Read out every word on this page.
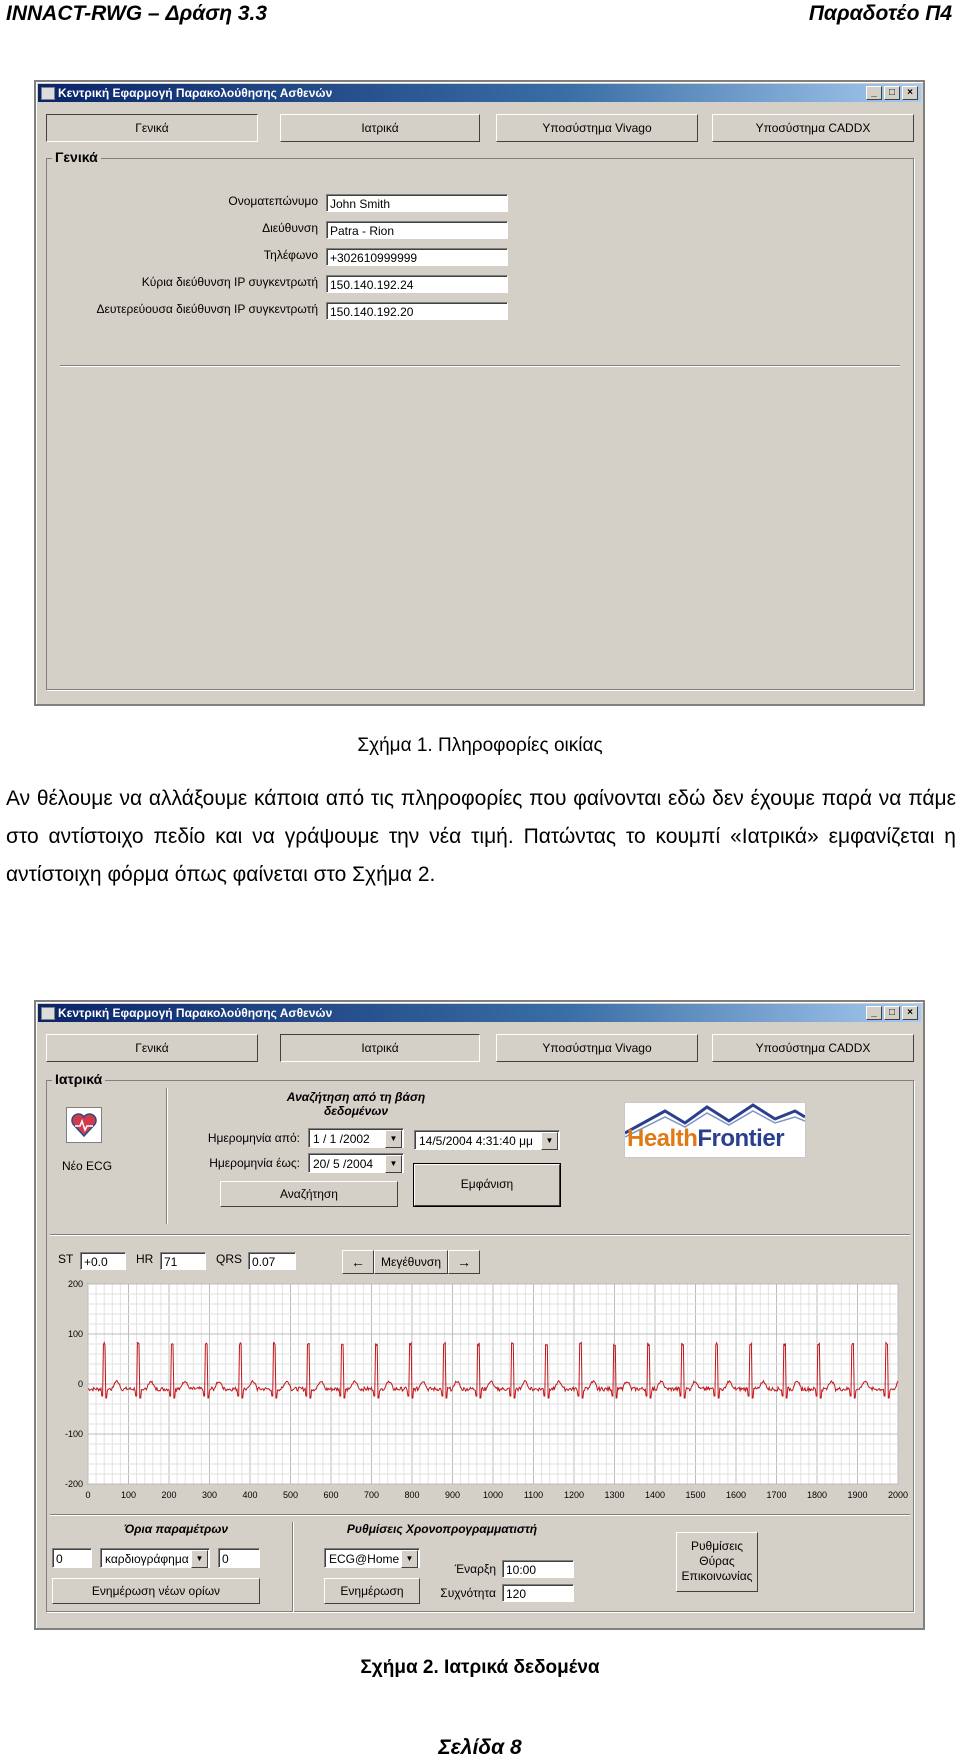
INNACT-RWG – Δράση 3.3	Παραδοτέο Π4
Κεντρική Εφαρμογή Παρακολούθησης Ασθενών	_	□	×
Γενικά	Ιατρικά	Υποσύστημα Vivago	Υποσύστημα CADDX
Γενικά
Ονοματεπώνυμο	John Smith
Διεύθυνση	Patra - Rion
Τηλέφωνο	+302610999999
Κύρια διεύθυνση IP συγκεντρωτή	150.140.192.24
Δευτερεύουσα διεύθυνση IP συγκεντρωτή	150.140.192.20
Σχήμα 1. Πληροφορίες οικίας
Αν θέλουμε να αλλάξουμε κάποια από τις πληροφορίες που φαίνονται εδώ δεν έχουμε παρά να πάμε στο αντίστοιχο πεδίο και να γράψουμε την νέα τιμή. Πατώντας το κουμπί «Ιατρικά» εμφανίζεται η αντίστοιχη φόρμα όπως φαίνεται στο Σχήμα 2.
Κεντρική Εφαρμογή Παρακολούθησης Ασθενών	_	□	×
Γενικά	Ιατρικά	Υποσύστημα Vivago	Υποσύστημα CADDX
Ιατρικά
Νέο ECG
Αναζήτηση από τη βάση
δεδομένων
Ημερομηνία από:	1 / 1 /2002	▼
Ημερομηνία έως:	20/ 5 /2004	▼
14/5/2004 4:31:40 μμ	▼
Αναζήτηση
Εμφάνιση
HealthFrontier
ST +0.0	HR 71	QRS 0.07	←	Μεγέθυνση	→
0	100	200	300	400	500	600	700	800	900	1000 1100 1200 1300 1400 1500 1600 1700 1800 1900 2000
200
100
0
-100
-200
Όρια παραμέτρων
0	καρδιογράφημα ▼	0
Ενημέρωση νέων ορίων
Ρυθμίσεις Χρονοπρογραμματιστή
ECG@Home ▼
Ενημέρωση
Έναρξη 10:00
Συχνότητα 120
Ρυθμίσεις
Θύρας
Επικοινωνίας
Σχήμα 2. Ιατρικά δεδομένα
Σελίδα 8
